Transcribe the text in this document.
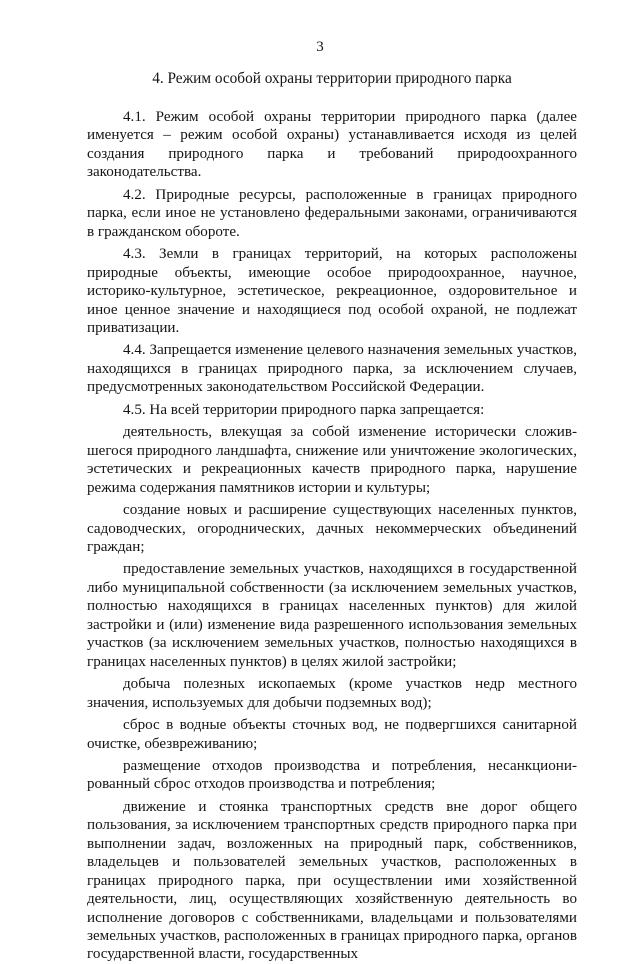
3
4. Режим особой охраны территории природного парка

4.1. Режим особой охраны территории природного парка (далее именуется – режим особой охраны) устанавливается исходя из целей создания природного парка и требований природоохранного законодательства.

4.2. Природные ресурсы, расположенные в границах природного парка, если иное не установлено федеральными законами, ограничиваются в гражданском обороте.

4.3. Земли в границах территорий, на которых расположены природные объекты, имеющие особое природоохранное, научное, историко-культурное, эстетическое, рекреационное, оздоровительное и иное ценное значение и находящиеся под особой охраной, не подлежат приватизации.

4.4. Запрещается изменение целевого назначения земельных участков, находящихся в границах природного парка, за исключением случаев, предусмотренных законодательством Российской Федерации.

4.5. На всей территории природного парка запрещается:

деятельность, влекущая за собой изменение исторически сложившегося природного ландшафта, снижение или уничтожение экологических, эстетических и рекреационных качеств природного парка, нарушение режима содержания памятников истории и культуры;

создание новых и расширение существующих населенных пунктов, садоводческих, огороднических, дачных некоммерческих объединений граждан;

предоставление земельных участков, находящихся в государственной либо муниципальной собственности (за исключением земельных участков, полностью находящихся в границах населенных пунктов) для жилой застройки и (или) изменение вида разрешенного использования земельных участков (за исключением земельных участков, полностью находящихся в границах населенных пунктов) в целях жилой застройки;

добыча полезных ископаемых (кроме участков недр местного значения, используемых для добычи подземных вод);

сброс в водные объекты сточных вод, не подвергшихся санитарной очистке, обезвреживанию;

размещение отходов производства и потребления, несанкционированный сброс отходов производства и потребления;

движение и стоянка транспортных средств вне дорог общего пользования, за исключением транспортных средств природного парка при выполнении задач, возложенных на природный парк, собственников, владельцев и пользователей земельных участков, расположенных в границах природного парка, при осуществлении ими хозяйственной деятельности, лиц, осуществляющих хозяйственную деятельность во исполнение договоров с собственниками, владельцами и пользователями земельных участков, расположенных в границах природного парка, органов государственной власти, государственных
